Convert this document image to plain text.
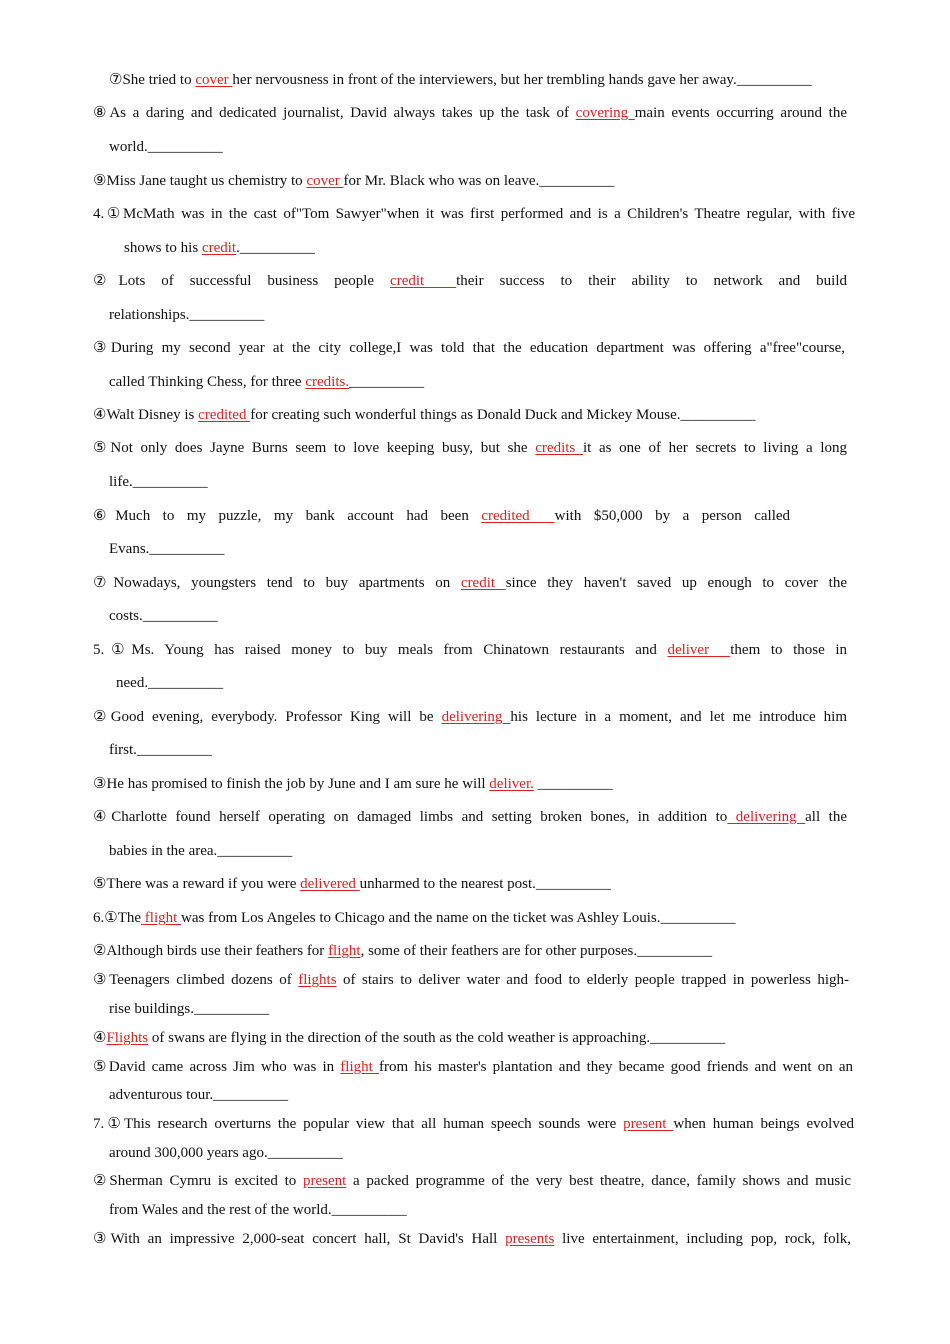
⑦She tried to cover her nervousness in front of the interviewers, but her trembling hands gave her away.__________
⑧As a daring and dedicated journalist, David always takes up the task of covering main events occurring around the
world.__________
⑨Miss Jane taught us chemistry to cover for Mr. Black who was on leave.__________
4.①McMath was in the cast of"Tom Sawyer"when it was first performed and is a Children's Theatre regular, with five
shows to his credit.__________
②Lots of successful business people credit  their success to their ability to network and build
relationships.__________
③During my second year at the city college,I was told that the education department was offering a"free"course,
called Thinking Chess, for three credits.__________
④Walt Disney is credited for creating such wonderful things as Donald Duck and Mickey Mouse.__________
⑤Not only does Jayne Burns seem to love keeping busy, but she credits it as one of her secrets to living a long
life.__________
⑥Much to my puzzle, my bank account had been credited  with $50,000 by a person called
Evans.__________
⑦Nowadays, youngsters tend to buy apartments on credit since they haven't saved up enough to cover the
costs.__________
5.①Ms. Young has raised money to buy meals from Chinatown restaurants and deliver  them to those in
need.__________
②Good evening, everybody. Professor King will be delivering his lecture in a moment, and let me introduce him
first.__________
③He has promised to finish the job by June and I am sure he will deliver. __________
④Charlotte found herself operating on damaged limbs and setting broken bones, in addition to delivering all the
babies in the area.__________
⑤There was a reward if you were delivered unharmed to the nearest post.__________
6.①The flight was from Los Angeles to Chicago and the name on the ticket was Ashley Louis.__________
②Although birds use their feathers for flight, some of their feathers are for other purposes.__________
③Teenagers climbed dozens of flights of stairs to deliver water and food to elderly people trapped in powerless high-
rise buildings.__________
④Flights of swans are flying in the direction of the south as the cold weather is approaching.__________
⑤David came across Jim who was in flight from his master's plantation and they became good friends and went on an
adventurous tour.__________
7.①This research overturns the popular view that all human speech sounds were present when human beings evolved
around 300,000 years ago.__________
②Sherman Cymru is excited to present a packed programme of the very best theatre, dance, family shows and music
from Wales and the rest of the world.__________
③With an impressive 2,000-seat concert hall, St David's Hall presents live entertainment, including pop, rock, folk,
